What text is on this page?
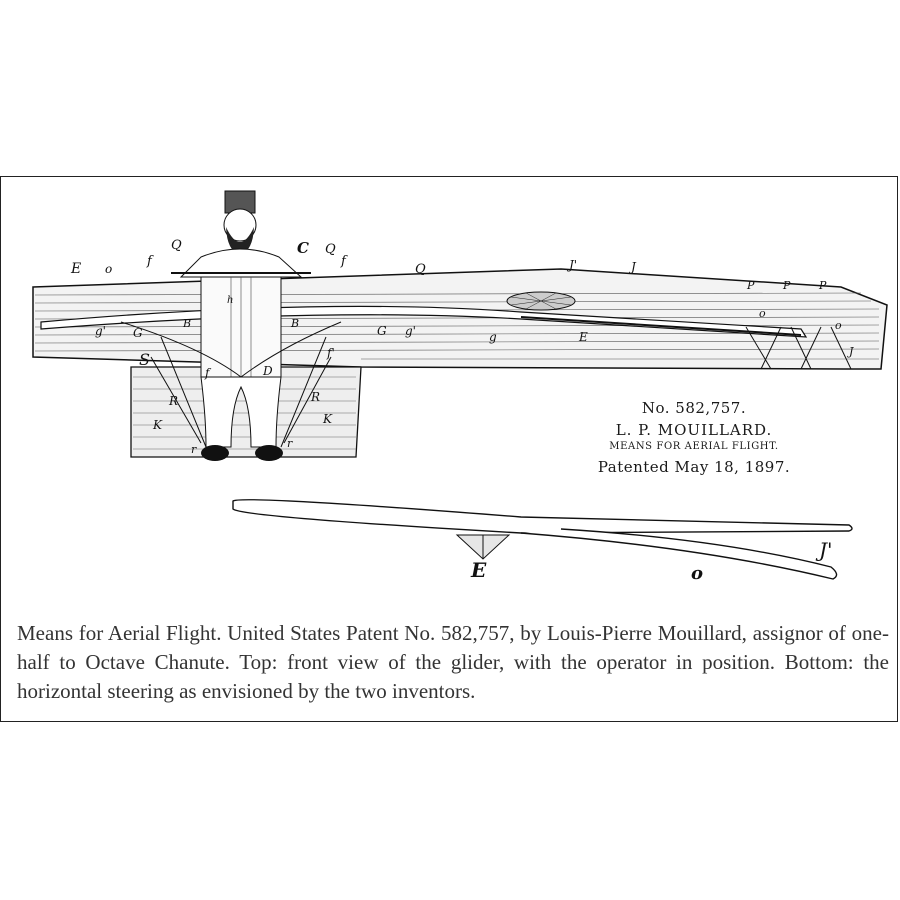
E o	f
Q	C Q
f
Q	J'	J
P	P	P
g' G
B
h
B
G g'	g	E
o
o
J
S
f	D
f'
R	R
K	K
r	r
E	o
J'
No. 582,757.
L. P. MOUILLARD.
MEANS FOR AERIAL FLIGHT.
Patented May 18, 1897.
Means for Aerial Flight. United States Patent No. 582,757, by Louis-Pierre Mouillard, assignor of one-half to Octave Chanute. Top: front view of the glider, with the operator in position. Bottom: the horizontal steering as envisioned by the two inventors.
